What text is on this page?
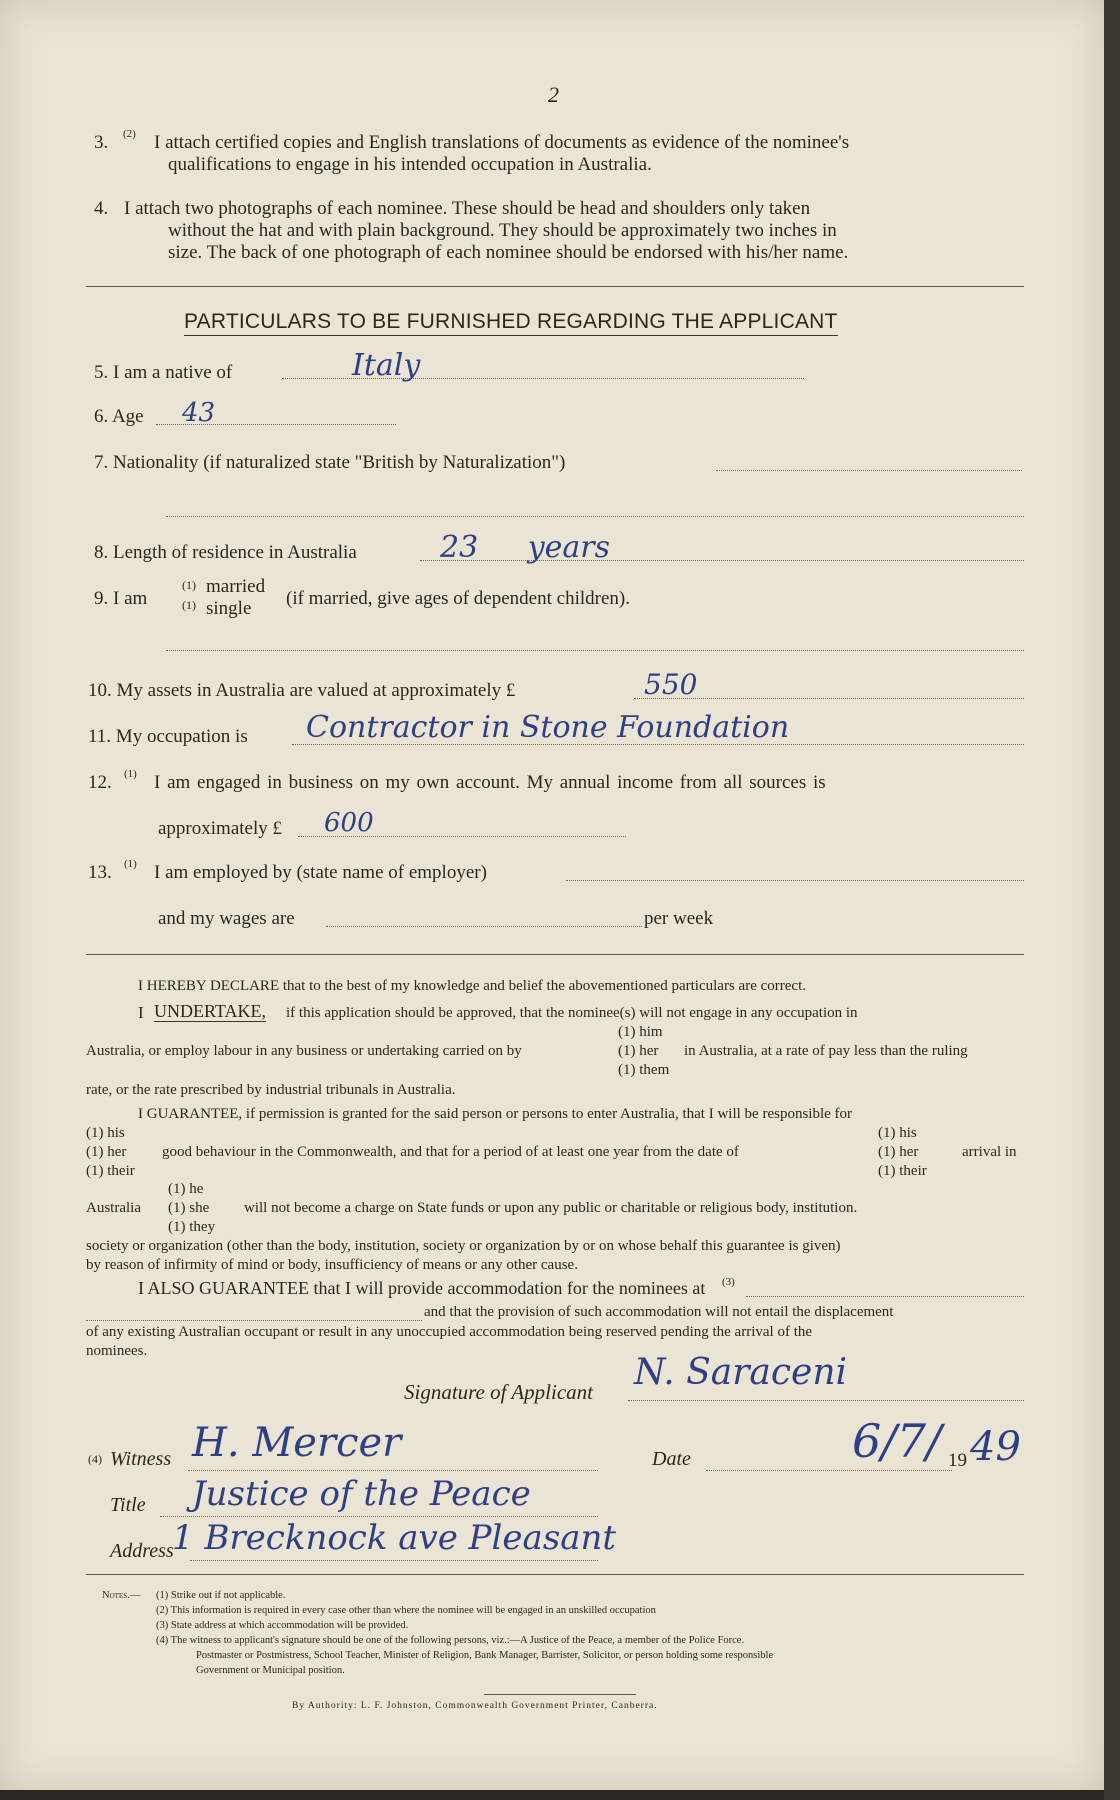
2
3. (2) I attach certified copies and English translations of documents as evidence of the nominee's
qualifications to engage in his intended occupation in Australia.
4. I attach two photographs of each nominee. These should be head and shoulders only taken
without the hat and with plain background. They should be approximately two inches in
size. The back of one photograph of each nominee should be endorsed with his/her name.
PARTICULARS TO BE FURNISHED REGARDING THE APPLICANT
5. I am a native of	Italy
6. Age 43
7. Nationality (if naturalized state "British by Naturalization")
8. Length of residence in Australia	23 years
9. I am
(1)
(1)
married
single (if married, give ages of dependent children).
10. My assets in Australia are valued at approximately £	550
11. My occupation is Contractor in Stone Foundation
12. (1) I am engaged in business on my own account. My annual income from all sources is
approximately £ 600
13. (1) I am employed by (state name of employer)
and my wages are	per week
I HEREBY DECLARE that to the best of my knowledge and belief the abovementioned particulars are correct.
I UNDERTAKE, if this application should be approved, that the nominee(s) will not engage in any occupation in
(1) him
Australia, or employ labour in any business or undertaking carried on by	(1) her in Australia, at a rate of pay less than the ruling
(1) them
rate, or the rate prescribed by industrial tribunals in Australia.
I GUARANTEE, if permission is granted for the said person or persons to enter Australia, that I will be responsible for
(1) his
(1) her
(1) their
good behaviour in the Commonwealth, and that for a period of at least one year from the date of
(1) his
(1) her
(1) their
arrival in
(1) he
Australia (1) she
(1) they
will not become a charge on State funds or upon any public or charitable or religious body, institution.
society or organization (other than the body, institution, society or organization by or on whose behalf this guarantee is given)
by reason of infirmity of mind or body, insufficiency of means or any other cause.
I ALSO GUARANTEE that I will provide accommodation for the nominees at (3)
and that the provision of such accommodation will not entail the displacement
of any existing Australian occupant or result in any unoccupied accommodation being reserved pending the arrival of the
nominees.
Signature of Applicant N. Saraceni
(4) Witness H. Mercer	Date	6/7/ 19 49
Title Justice of the Peace
Address
1 Brecknock ave Pleasant
Notes.— (1) Strike out if not applicable.
(2) This information is required in every case other than where the nominee will be engaged in an unskilled occupation
(3) State address at which accommodation will be provided.
(4) The witness to applicant's signature should be one of the following persons, viz.:—A Justice of the Peace, a member of the Police Force.
Postmaster or Postmistress, School Teacher, Minister of Religion, Bank Manager, Barrister, Solicitor, or person holding some responsible
Government or Municipal position.
By Authority: L. F. Johnston, Commonwealth Government Printer, Canberra.
